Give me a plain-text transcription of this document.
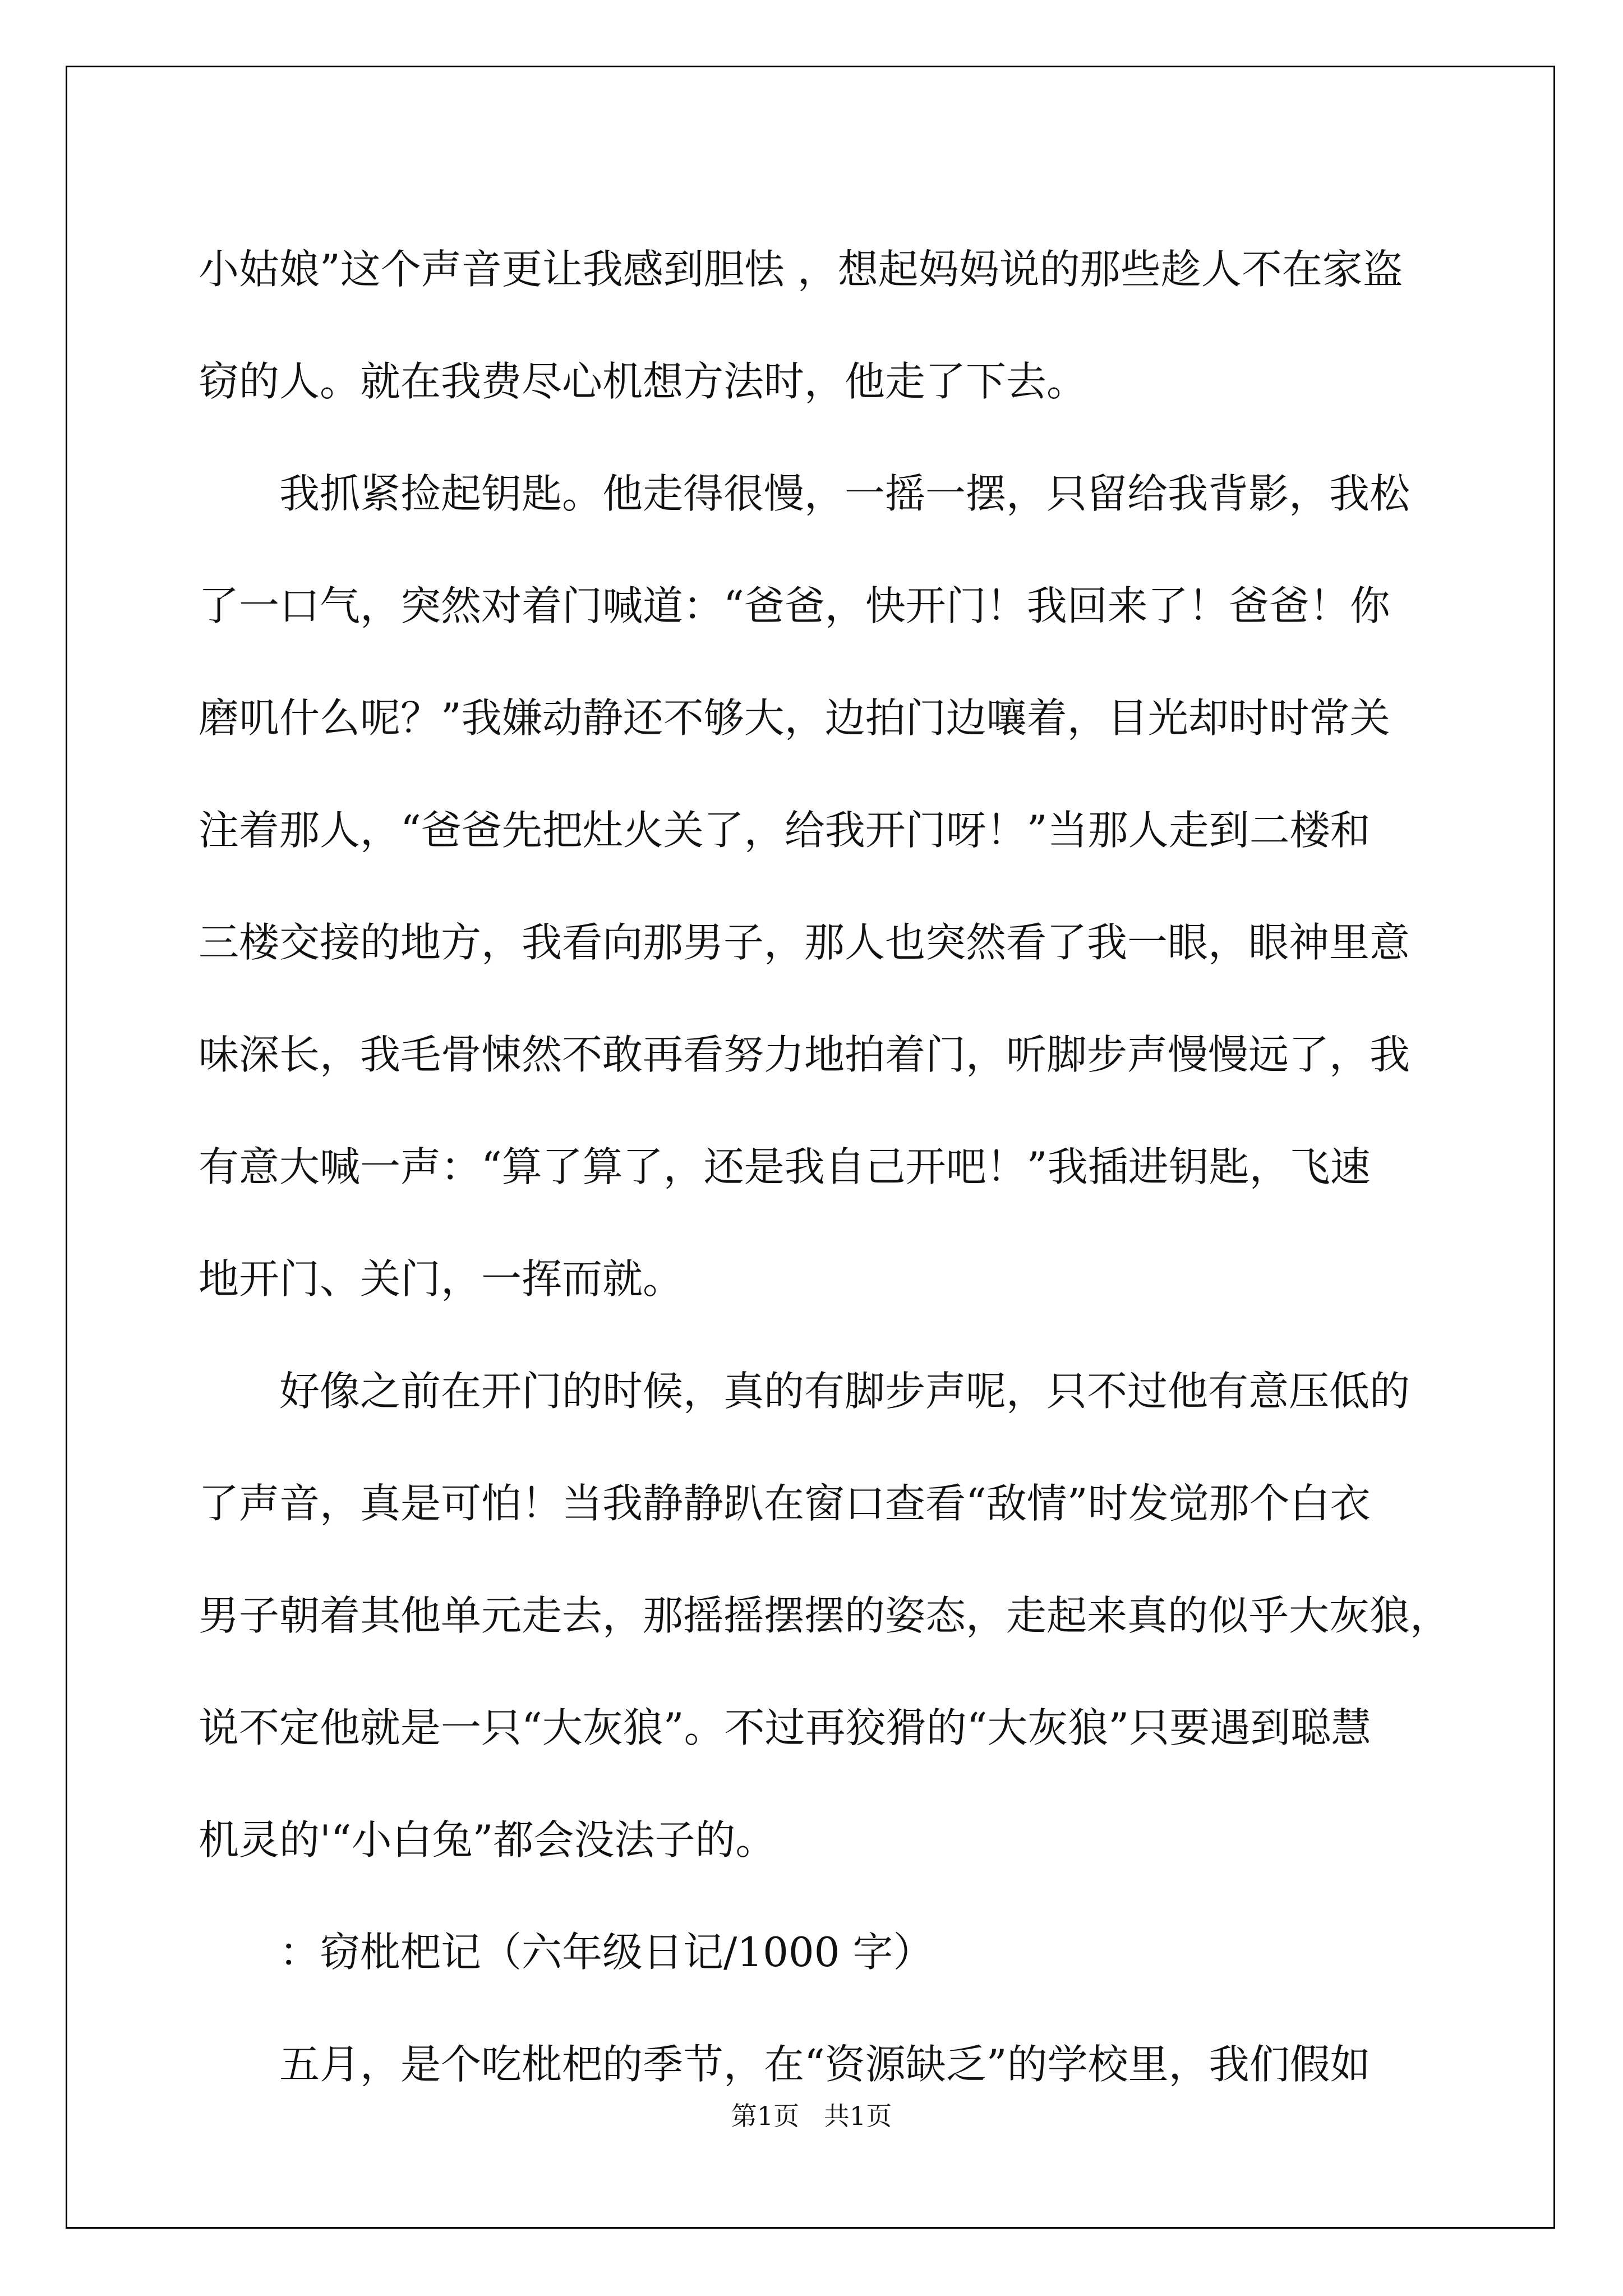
小姑娘”这个声音更让我感到胆怯 ，想起妈妈说的那些趁人不在家盗
窃的人。就在我费尽心机想方法时，他走了下去。
我抓紧捡起钥匙。他走得很慢，一摇一摆，只留给我背影，我松
了一口气，突然对着门喊道：“爸爸，快开门！我回来了！爸爸！你
磨叽什么呢？”我嫌动静还不够大，边拍门边嚷着，目光却时时常关
注着那人，“爸爸先把灶火关了，给我开门呀！”当那人走到二楼和
三楼交接的地方，我看向那男子，那人也突然看了我一眼，眼神里意
味深长，我毛骨悚然不敢再看努力地拍着门，听脚步声慢慢远了，我
有意大喊一声：“算了算了，还是我自己开吧！”我插进钥匙，飞速
地开门、关门，一挥而就。
好像之前在开门的时候，真的有脚步声呢，只不过他有意压低的
了声音，真是可怕！当我静静趴在窗口查看“敌情”时发觉那个白衣
男子朝着其他单元走去，那摇摇摆摆的姿态，走起来真的似乎大灰狼，
说不定他就是一只“大灰狼”。不过再狡猾的“大灰狼”只要遇到聪慧
机灵的'“小白兔”都会没法子的。
：窃枇杷记（六年级日记/1000 字）
五月，是个吃枇杷的季节，在“资源缺乏”的学校里，我们假如
第1页   共1页
